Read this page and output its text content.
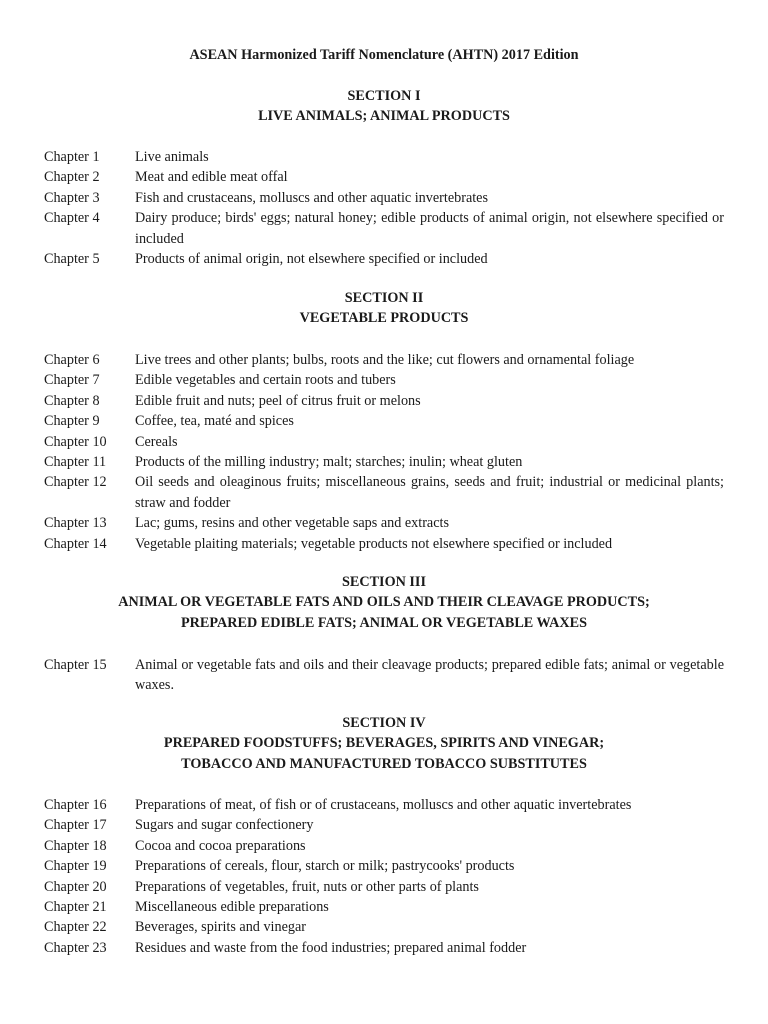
ASEAN Harmonized Tariff Nomenclature (AHTN) 2017 Edition
SECTION I
LIVE ANIMALS; ANIMAL PRODUCTS
Chapter 1	Live animals
Chapter 2	Meat and edible meat offal
Chapter 3	Fish and crustaceans, molluscs and other aquatic invertebrates
Chapter 4	Dairy produce; birds' eggs; natural honey; edible products of animal origin, not elsewhere specified or included
Chapter 5	Products of animal origin, not elsewhere specified or included
SECTION II
VEGETABLE PRODUCTS
Chapter 6	Live trees and other plants; bulbs, roots and the like; cut flowers and ornamental foliage
Chapter 7	Edible vegetables and certain roots and tubers
Chapter 8	Edible fruit and nuts; peel of citrus fruit or melons
Chapter 9	Coffee, tea, maté and spices
Chapter 10	Cereals
Chapter 11	Products of the milling industry; malt; starches; inulin; wheat gluten
Chapter 12	Oil seeds and oleaginous fruits; miscellaneous grains, seeds and fruit; industrial or medicinal plants; straw and fodder
Chapter 13	Lac; gums, resins and other vegetable saps and extracts
Chapter 14	Vegetable plaiting materials; vegetable products not elsewhere specified or included
SECTION III
ANIMAL OR VEGETABLE FATS AND OILS AND THEIR CLEAVAGE PRODUCTS;
PREPARED EDIBLE FATS; ANIMAL OR VEGETABLE WAXES
Chapter 15	Animal or vegetable fats and oils and their cleavage products; prepared edible fats; animal or vegetable waxes.
SECTION IV
PREPARED FOODSTUFFS; BEVERAGES, SPIRITS AND VINEGAR;
TOBACCO AND MANUFACTURED TOBACCO SUBSTITUTES
Chapter 16	Preparations of meat, of fish or of crustaceans, molluscs and other aquatic invertebrates
Chapter 17	Sugars and sugar confectionery
Chapter 18	Cocoa and cocoa preparations
Chapter 19	Preparations of cereals, flour, starch or milk; pastrycooks' products
Chapter 20	Preparations of vegetables, fruit, nuts or other parts of plants
Chapter 21	Miscellaneous edible preparations
Chapter 22	Beverages, spirits and vinegar
Chapter 23	Residues and waste from the food industries; prepared animal fodder
